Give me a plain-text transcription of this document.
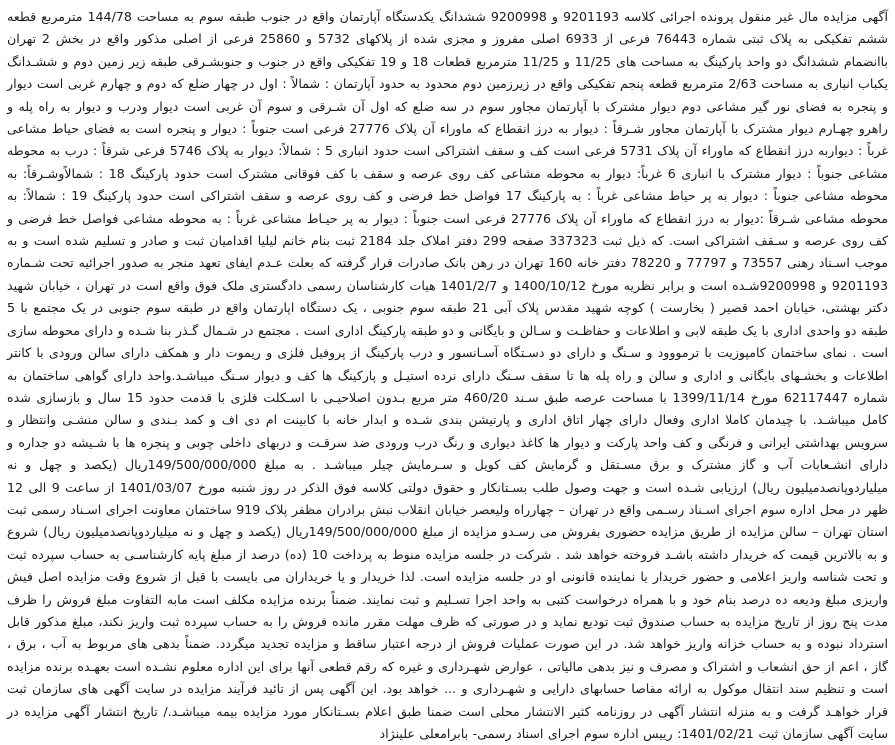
آگهی مزایده مال غیر منقول پرونده اجرائی کلاسه 9201193 و 9200998 ششدانگ یکدستگاه آپارتمان واقع در جنوب طبقه سوم به مساحت 144/78 مترمربع قطعه ششم تفکیکی به پلاک ثبتی شماره 76443 فرعی از 6933 اصلی مفروز و مجزی شده از پلاکهای 5732 و 25860 فرعی از اصلی مذکور واقع در بخش 2 تهران باانضمام ششدانگ دو واحد پارکینگ به مساحت های 11/25 و 11/25 مترمربع قطعات 18 و 19 تفکیکی واقع در جنوب و جنوبشـرقی طبقه زیر زمین دوم و ششـدانگ یکباب انباری به مساحت 2/63 مترمربع قطعه پنجم تفکیکی واقع در زیرزمین دوم محدود به حدود آپارتمان : شمالاً : اول در چهار ضلع که دوم و چهارم غربی است دیوار و پنجره به فضای نور گیر مشاعی دوم دیوار مشترک با آپارتمان مجاور سوم در سه ضلع که اول آن شـرقی و سوم آن غربی است دیوار ودرب و دیوار به راه پله و راهرو چهـارم دیوار مشترک با آپارتمان مجاور شـرقاً : دیوار به درز انقطاع که ماوراء آن پلاک 27776 فرعی است جنوباً : دیوار و پنجره است به فضای حیاط مشاعی غرباً : دیواربه درز انقطاع که ماوراء آن پلاک 5731 فرعی است کف و سقف اشتراکی است حدود انباری 5 : شمالاً: دیوار به پلاک 5746 فرعی شرقاً : درب به محوطه مشاعی جنوباً : دیوار مشترک با انباری 6 غرباً: دیوار به محوطه مشاعی کف روی عرصه و سقف با کف فوقانی مشترک است حدود پارکینگ 18 : شمالاًوشـرقاً: به محوطه مشاعی جنوباً : دیوار به پر حیاط مشاعی غرباً : به پارکینگ 17 فواصل خط فرضی و کف روی عرصه و سقف اشتراکی است حدود پارکینگ 19 : شمالاً: به محوطه مشاعی شـرقاً :دیوار به درز انقطاع که ماوراء آن پلاک 27776 فرعی است جنوباً : دیوار به پر حیـاط مشاعی غرباً : به محوطه مشاعی فواصل خط فرضی و کف روی عرصه و سـقف اشتراکی است. که ذیل ثبت 337323 صفحه 299 دفتر املاک جلد 2184 ثبت بنام خانم لیلیا اقدامیان ثبت و صادر و تسلیم شده است و به موجب اسـناد رهنی 73557 و 77797 و 78220 دفتر خانه 160 تهران در رهن بانک صادرات قرار گرفته که بعلت عـدم ایفای تعهد منجر به صدور اجرائیه تحت شـماره 9201193 و 9200998شـده است و برابر نظریه مورخ 1400/10/12 و 1401/2/7 هیات کارشناسان رسمی دادگستری ملک فوق واقع است در تهران ، خیابان شهید دکتر بهشتی، خیابان احمد قصیر ( بخارست ) کوچه شهید مقدس پلاک آبی 21 طبقه سوم جنوبی ، یک دستگاه اپارتمان واقع در طبقه سوم جنوبی در یک مجتمع با 5 طبقه دو واحدی اداری با یک طبقه لابی و اطلاعات و حفاظـت و سـالن و بایگانی و دو طبقه پارکینگ اداری است . مجتمع در شـمال گـذر بنا شـده و دارای محوطه سازی است . نمای ساختمان کامپوزیت با ترمووود و سـنگ و دارای دو دسـتگاه آسـانسور و درب پارکینگ از پروفیل فلزی و ریموت دار و همکف دارای سالن ورودی با کانتر اطلاعات و بخشـهای بایگانی و اداری و سالن و راه پله ها تا سقف سـنگ دارای نرده استیـل و پارکینگ ها کف و دیوار سـنگ میباشـد.واحد دارای گواهی ساختمان به شماره 62117447 مورخ 1399/11/14 با مساحت عرصه طبق سـند 460/20 متر مربع بـدون اصلاحیـی با اسـکلت فلزی با قدمت حدود 15 سال و بازسازی شده کامل میباشـد. با چیدمان کاملا اداری وفعال دارای چهار اتاق اداری و پارتیشن بندی شـده و ابدار خانه با کابینت ام دی اف و کمد بـندی و سالن منشـی وانتظار و سرویس بهداشتی ایرانی و فرنگی و کف واحد پارکت و دیوار ها کاغذ دیواری و رنگ درب ورودی ضد سرقـت و دربهای داخلی چوبی و پنجره ها با شـیشه دو جداره و دارای انشـعابات آب و گاز مشترک و برق مسـتقل و گرمایش کف کویل و سـرمایش چیلر میباشـد . به مبلغ 149/500/000/000ریال (یکصد و چهل و نه میلیاردوپانصدمیلیون ریال) ارزیابی شـده است و جهت وصول طلب بسـتانکار و حقوق دولتی کلاسه فوق الذکر در روز شنبه مورخ 1401/03/07 از ساعت 9 الی 12 ظهر در محل اداره سوم اجرای اسـناد رسـمی واقع در تهران – چهارراه ولیعصر خیابان انقلاب نبش برادران مظفر پلاک 919 ساختمان معاونت اجرای اسـناد رسمی ثبت استان تهران – سالن مزایده از طریق مزایده حضوری بفروش می رسـدو مزایده از مبلغ 149/500/000/000ریال (یکصد و چهل و نه میلیاردوپانصدمیلیون ریال) شروع و به بالاترین قیمت که خریدار داشته باشـد فروخته خواهد شد . شرکت در جلسه مزایده منوط به پرداخت 10 (ده) درصد از مبلغ پایه کارشناسـی به حساب سپرده ثبت و تحت شناسه واریز اعلامی و حضور خریدار یا نماینده قانونی او در جلسه مزایده است. لذا خریدار و یا خریداران می بایست با قبل از شروع وقت مزایده اصل فیش واریزی مبلغ ودیعه ده درصد بنام خود و با همراه درخواست کتبی به واحد اجرا تسـلیم و ثبت نمایند. ضمناً برنده مزایده مکلف است مابه التفاوت مبلغ فروش را ظرف مدت پنج روز از تاریخ مزایده به حساب صندوق ثبت تودیع نماید و در صورتی که ظرف مهلت مقرر مانده فروش را به حساب سپرده ثبت واریز نکند، مبلغ مذکور قابل استرداد نبوده و به حساب خزانه واریز خواهد شد. در این صورت عملیات فروش از درجه اعتبار ساقط و مزایده تجدید میگردد. ضمناً بدهی های مربوط به آب ، برق ، گاز ، اعم از حق انشعاب و اشتراک و مصرف و نیز بدهی مالیاتی ، عوارض شهـرداری و غیره که رقم قطعی آنها برای این اداره معلوم نشـده است بعهـده برنده مزایده است و تنظیم سند انتقال موکول به ارائه مفاصا حسابهای دارایی و شهـرداری و ... خواهد بود. این آگهی پس از تائید فرآیند مزایده در سایت آگهی های سازمان ثبت قرار خواهـد گرفت و به منزله انتشار آگهی در روزنامه کثیر الانتشار محلی است ضمنا طبق اعلام بسـتانکار مورد مزایده بیمه میباشـد./ تاریخ انتشار آگهی مزایده در سایت آگهی سازمان ثبت 1401/02/21: رییس اداره سوم اجرای اسناد رسمی- بابرامعلی علینژاد
